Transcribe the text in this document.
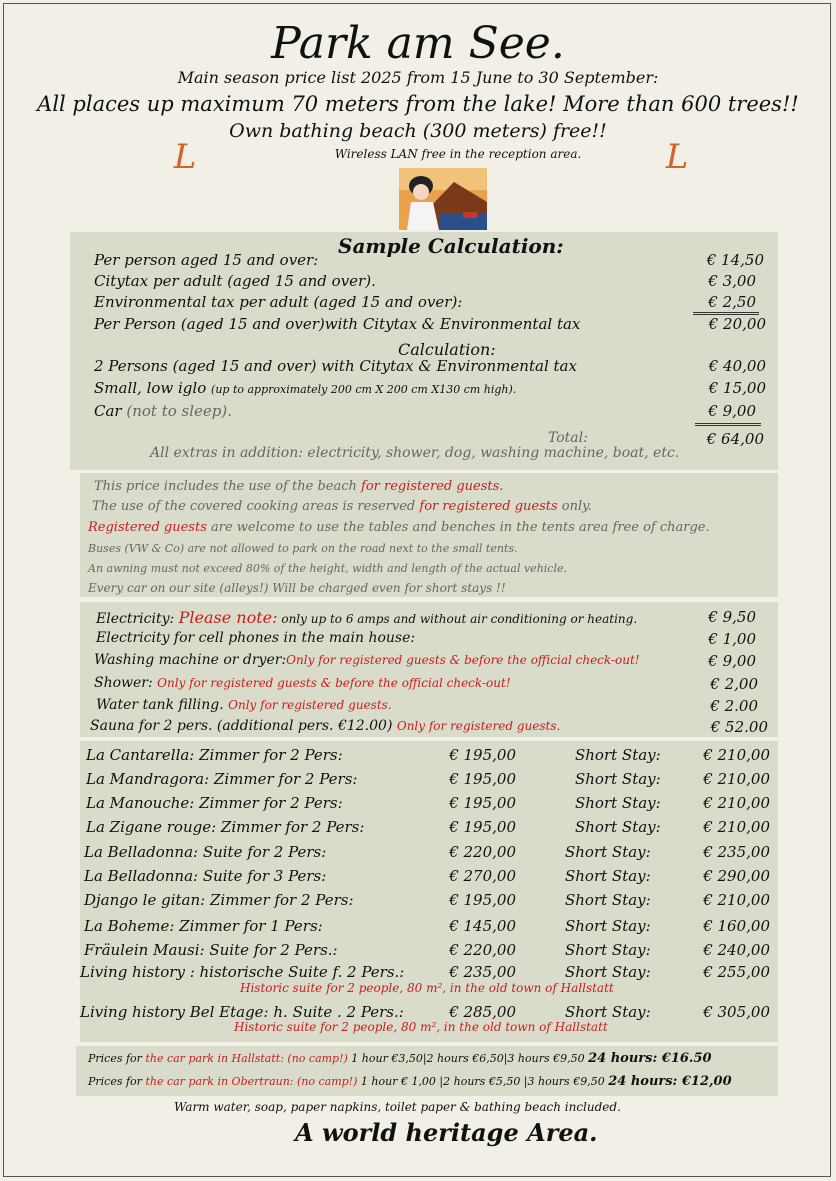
Park am See.
Main season price list 2025 from 15 June to 30 September:
All places up maximum 70 meters from the lake! More than 600 trees!!
Own bathing beach (300 meters) free!!
Wireless LAN free in the reception area.
L	L
Sample Calculation:
Per person aged 15 and over:	€ 14,50
Citytax per adult (aged 15 and over).	€ 3,00
Environmental tax per adult (aged 15 and over):	€ 2,50
Per Person (aged 15 and over)with Citytax & Environmental tax	€ 20,00
Calculation:
2 Persons (aged 15 and over) with Citytax & Environmental tax	€ 40,00
Small, low iglo (up to approximately 200 cm X 200 cm X130 cm high).	€ 15,00
Car (not to sleep).	€ 9,00
Total:	€ 64,00
All extras in addition: electricity, shower, dog, washing machine, boat, etc.
This price includes the use of the beach for registered guests.
The use of the covered cooking areas is reserved for registered guests only.
Registered guests are welcome to use the tables and benches in the tents area free of charge.
Buses (VW & Co) are not allowed to park on the road next to the small tents.
An awning must not exceed 80% of the height, width and length of the actual vehicle.
Every car on our site (alleys!) Will be charged even for short stays !!
Electricity: Please note: only up to 6 amps and without air conditioning or heating.	€ 9,50
Electricity for cell phones in the main house:	€ 1,00
Washing machine or dryer:Only for registered guests & before the official check-out!	€ 9,00
Shower: Only for registered guests & before the official check-out!	€ 2,00
Water tank filling. Only for registered guests.	€ 2.00
Sauna for 2 pers. (additional pers. €12.00) Only for registered guests.	€ 52.00
La Cantarella: Zimmer for 2 Pers:	€ 195,00	Short Stay:	€ 210,00
La Mandragora: Zimmer for 2 Pers:	€ 195,00	Short Stay:	€ 210,00
La Manouche: Zimmer for 2 Pers:	€ 195,00	Short Stay:	€ 210,00
La Zigane rouge: Zimmer for 2 Pers:	€ 195,00	Short Stay:	€ 210,00
La Belladonna: Suite for 2 Pers:	€ 220,00	Short Stay:	€ 235,00
La Belladonna: Suite for 3 Pers:	€ 270,00	Short Stay:	€ 290,00
Django le gitan: Zimmer for 2 Pers:	€ 195,00	Short Stay:	€ 210,00
La Boheme: Zimmer for 1 Pers:	€ 145,00	Short Stay:	€ 160,00
Fräulein Mausi: Suite for 2 Pers.:	€ 220,00	Short Stay:	€ 240,00
Living history : historische Suite f. 2 Pers.:	€ 235,00	Short Stay:	€ 255,00
Living history Bel Etage: h. Suite . 2 Pers.:	€ 285,00	Short Stay:	€ 305,00
Historic suite for 2 people, 80 m², in the old town of Hallstatt
Historic suite for 2 people, 80 m², in the old town of Hallstatt
Prices for the car park in Hallstatt: (no camp!) 1 hour €3,50|2 hours €6,50|3 hours €9,50 24 hours: €16.50
Prices for the car park in Obertraun: (no camp!) 1 hour € 1,00 |2 hours €5,50 |3 hours €9,50 24 hours: €12,00
Warm water, soap, paper napkins, toilet paper & bathing beach included.
A world heritage Area.
